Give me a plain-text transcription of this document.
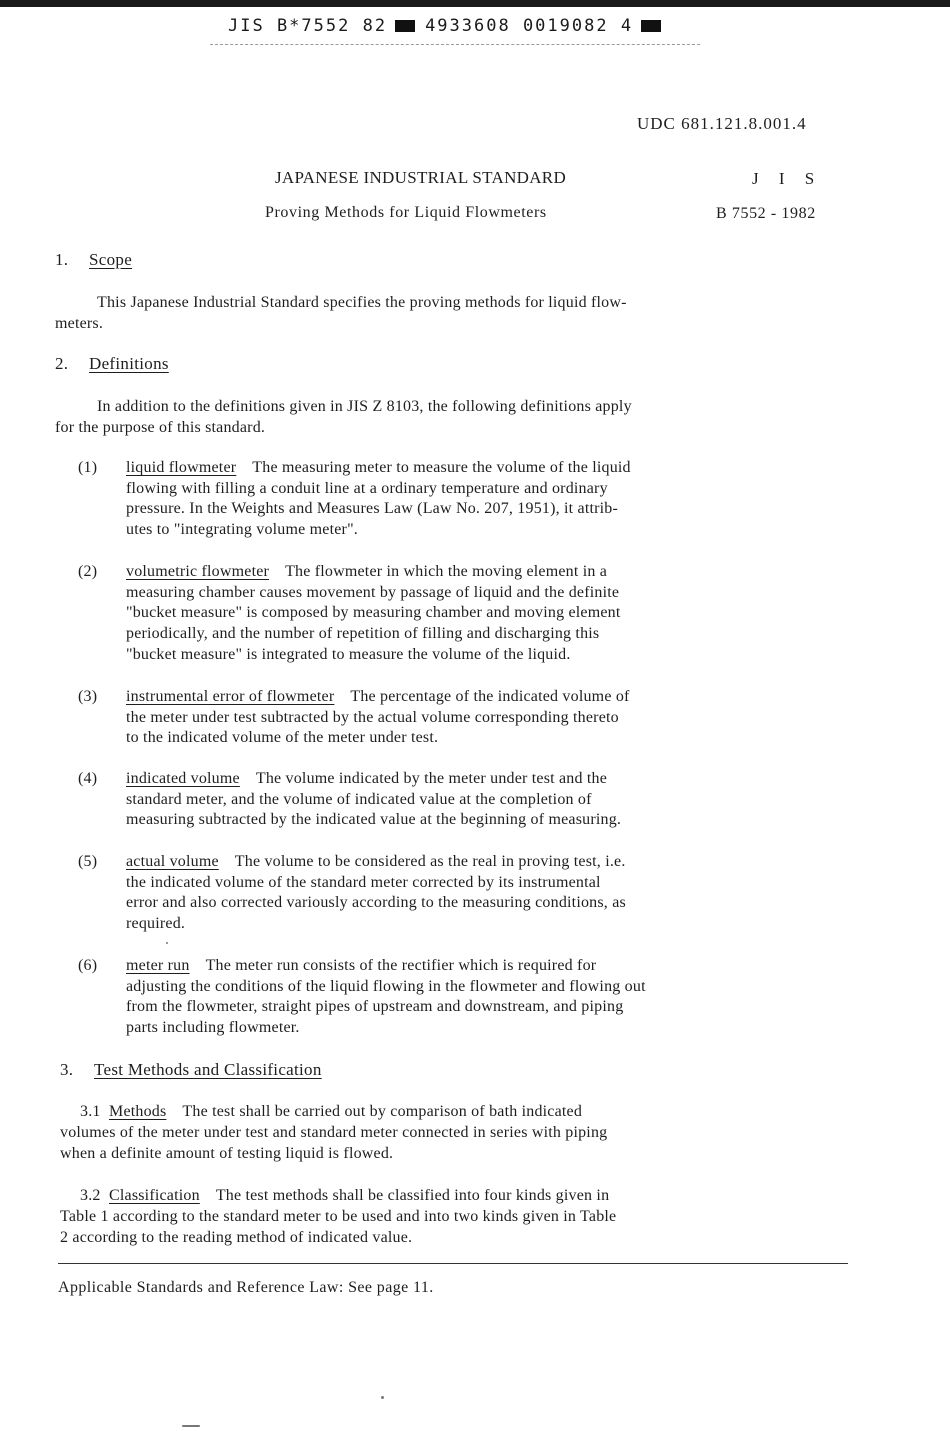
JIS B*7552 82 4933608 0019082 4
UDC 681.121.8.001.4
JAPANESE INDUSTRIAL STANDARD
Proving Methods for Liquid Flowmeters
J I S
B 7552 - 1982
1. Scope

This Japanese Industrial Standard specifies the proving methods for liquid flow-

meters.

2. Definitions

In addition to the definitions given in JIS Z 8103, the following definitions apply

for the purpose of this standard.

(1) liquid flowmeter The measuring meter to measure the volume of the liquid

flowing with filling a conduit line at a ordinary temperature and ordinary

pressure. In the Weights and Measures Law (Law No. 207, 1951), it attrib-

utes to "integrating volume meter".

(2) volumetric flowmeter The flowmeter in which the moving element in a

measuring chamber causes movement by passage of liquid and the definite

"bucket measure" is composed by measuring chamber and moving element

periodically, and the number of repetition of filling and discharging this

"bucket measure" is integrated to measure the volume of the liquid.

(3) instrumental error of flowmeter The percentage of the indicated volume of

the meter under test subtracted by the actual volume corresponding thereto

to the indicated volume of the meter under test.

(4) indicated volume The volume indicated by the meter under test and the

standard meter, and the volume of indicated value at the completion of

measuring subtracted by the indicated value at the beginning of measuring.

(5) actual volume The volume to be considered as the real in proving test, i.e.

the indicated volume of the standard meter corrected by its instrumental

error and also corrected variously according to the measuring conditions, as

required.

(6) meter run The meter run consists of the rectifier which is required for

adjusting the conditions of the liquid flowing in the flowmeter and flowing out

from the flowmeter, straight pipes of upstream and downstream, and piping

parts including flowmeter.

3. Test Methods and Classification

3.1 Methods The test shall be carried out by comparison of bath indicated

volumes of the meter under test and standard meter connected in series with piping

when a definite amount of testing liquid is flowed.

3.2 Classification The test methods shall be classified into four kinds given in

Table 1 according to the standard meter to be used and into two kinds given in Table

2 according to the reading method of indicated value.

Applicable Standards and Reference Law: See page 11.
